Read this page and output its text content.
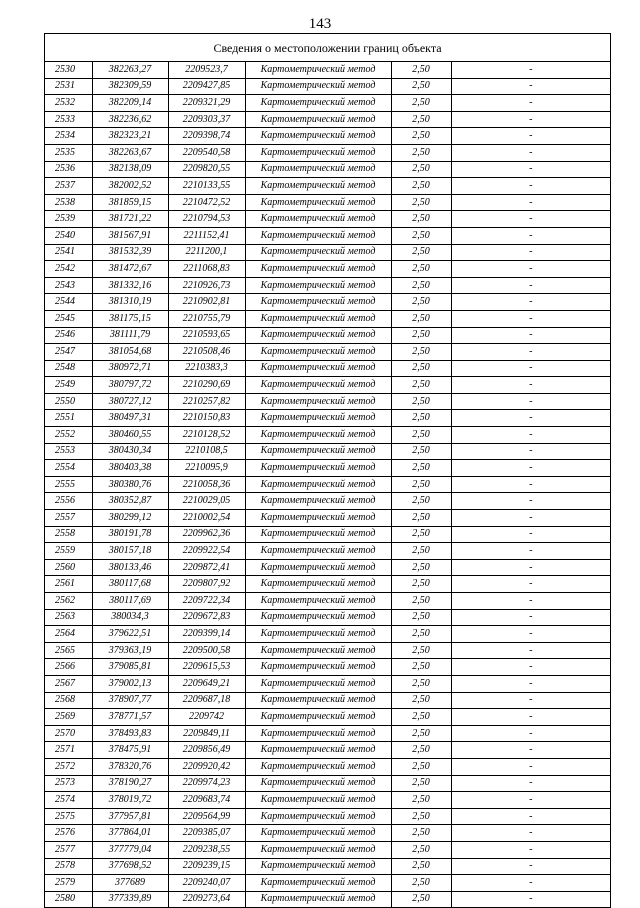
143
Сведения о местоположении границ объекта
2530	382263,27	2209523,7	Картометрический метод	2,50	-
2531	382309,59	2209427,85	Картометрический метод	2,50	-
2532	382209,14	2209321,29	Картометрический метод	2,50	-
2533	382236,62	2209303,37	Картометрический метод	2,50	-
2534	382323,21	2209398,74	Картометрический метод	2,50	-
2535	382263,67	2209540,58	Картометрический метод	2,50	-
2536	382138,09	2209820,55	Картометрический метод	2,50	-
2537	382002,52	2210133,55	Картометрический метод	2,50	-
2538	381859,15	2210472,52	Картометрический метод	2,50	-
2539	381721,22	2210794,53	Картометрический метод	2,50	-
2540	381567,91	2211152,41	Картометрический метод	2,50	-
2541	381532,39	2211200,1	Картометрический метод	2,50	-
2542	381472,67	2211068,83	Картометрический метод	2,50	-
2543	381332,16	2210926,73	Картометрический метод	2,50	-
2544	381310,19	2210902,81	Картометрический метод	2,50	-
2545	381175,15	2210755,79	Картометрический метод	2,50	-
2546	381111,79	2210593,65	Картометрический метод	2,50	-
2547	381054,68	2210508,46	Картометрический метод	2,50	-
2548	380972,71	2210383,3	Картометрический метод	2,50	-
2549	380797,72	2210290,69	Картометрический метод	2,50	-
2550	380727,12	2210257,82	Картометрический метод	2,50	-
2551	380497,31	2210150,83	Картометрический метод	2,50	-
2552	380460,55	2210128,52	Картометрический метод	2,50	-
2553	380430,34	2210108,5	Картометрический метод	2,50	-
2554	380403,38	2210095,9	Картометрический метод	2,50	-
2555	380380,76	2210058,36	Картометрический метод	2,50	-
2556	380352,87	2210029,05	Картометрический метод	2,50	-
2557	380299,12	2210002,54	Картометрический метод	2,50	-
2558	380191,78	2209962,36	Картометрический метод	2,50	-
2559	380157,18	2209922,54	Картометрический метод	2,50	-
2560	380133,46	2209872,41	Картометрический метод	2,50	-
2561	380117,68	2209807,92	Картометрический метод	2,50	-
2562	380117,69	2209722,34	Картометрический метод	2,50	-
2563	380034,3	2209672,83	Картометрический метод	2,50	-
2564	379622,51	2209399,14	Картометрический метод	2,50	-
2565	379363,19	2209500,58	Картометрический метод	2,50	-
2566	379085,81	2209615,53	Картометрический метод	2,50	-
2567	379002,13	2209649,21	Картометрический метод	2,50	-
2568	378907,77	2209687,18	Картометрический метод	2,50	-
2569	378771,57	2209742	Картометрический метод	2,50	-
2570	378493,83	2209849,11	Картометрический метод	2,50	-
2571	378475,91	2209856,49	Картометрический метод	2,50	-
2572	378320,76	2209920,42	Картометрический метод	2,50	-
2573	378190,27	2209974,23	Картометрический метод	2,50	-
2574	378019,72	2209683,74	Картометрический метод	2,50	-
2575	377957,81	2209564,99	Картометрический метод	2,50	-
2576	377864,01	2209385,07	Картометрический метод	2,50	-
2577	377779,04	2209238,55	Картометрический метод	2,50	-
2578	377698,52	2209239,15	Картометрический метод	2,50	-
2579	377689	2209240,07	Картометрический метод	2,50	-
2580	377339,89	2209273,64	Картометрический метод	2,50	-
